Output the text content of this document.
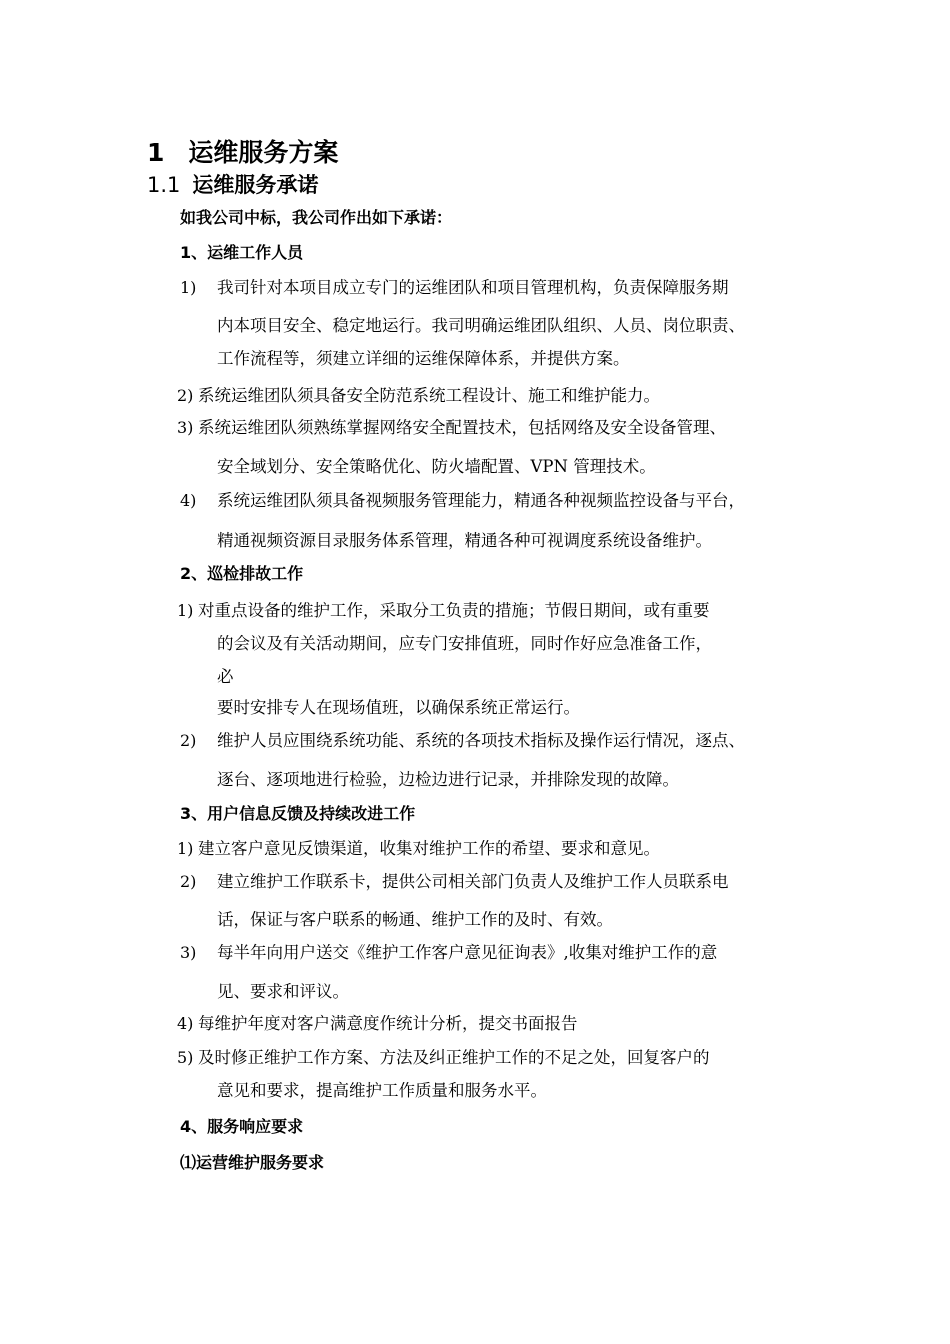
1 运维服务方案
1.1 运维服务承诺
如我公司中标，我公司作出如下承诺：
1、运维工作人员
1) 我司针对本项目成立专门的运维团队和项目管理机构，负责保障服务期
内本项目安全、稳定地运行。我司明确运维团队组织、人员、岗位职责、
工作流程等，须建立详细的运维保障体系，并提供方案。
2) 系统运维团队须具备安全防范系统工程设计、施工和维护能力。
3) 系统运维团队须熟练掌握网络安全配置技术，包括网络及安全设备管理、
安全域划分、安全策略优化、防火墙配置、VPN 管理技术。
4) 系统运维团队须具备视频服务管理能力，精通各种视频监控设备与平台，
精通视频资源目录服务体系管理，精通各种可视调度系统设备维护。
2、巡检排故工作
1) 对重点设备的维护工作，采取分工负责的措施；节假日期间，或有重要
的会议及有关活动期间，应专门安排值班，同时作好应急准备工作，
必
要时安排专人在现场值班，以确保系统正常运行。
2) 维护人员应围绕系统功能、系统的各项技术指标及操作运行情况，逐点、
逐台、逐项地进行检验，边检边进行记录，并排除发现的故障。
3、用户信息反馈及持续改进工作
1) 建立客户意见反馈渠道，收集对维护工作的希望、要求和意见。
2) 建立维护工作联系卡，提供公司相关部门负责人及维护工作人员联系电
话，保证与客户联系的畅通、维护工作的及时、有效。
3) 每半年向用户送交《维护工作客户意见征询表》,收集对维护工作的意
见、要求和评议。
4) 每维护年度对客户满意度作统计分析，提交书面报告
5) 及时修正维护工作方案、方法及纠正维护工作的不足之处，回复客户的
意见和要求，提高维护工作质量和服务水平。
4、服务响应要求
⑴运营维护服务要求
